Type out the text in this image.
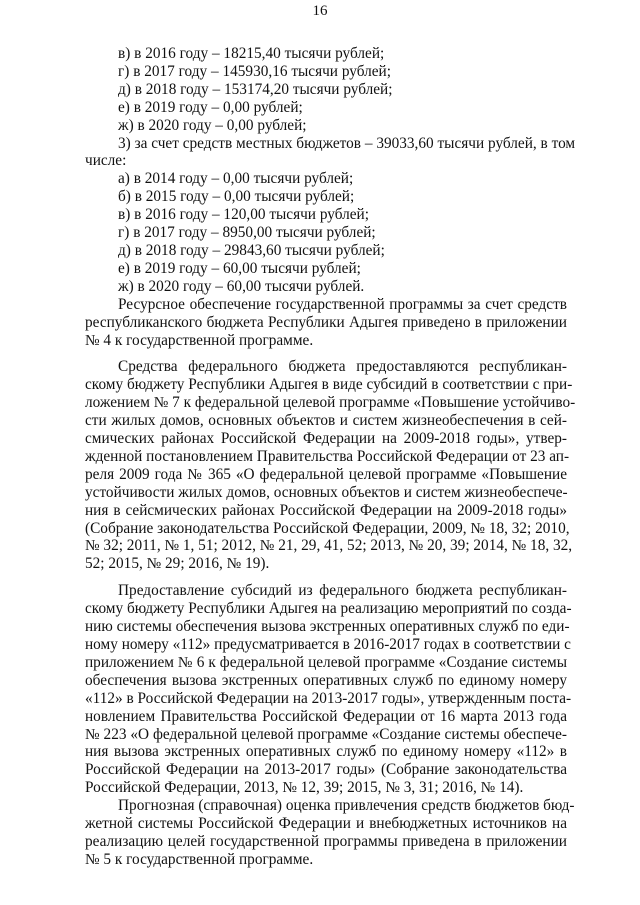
16
в) в 2016 году – 18215,40 тысячи рублей;
г) в 2017 году – 145930,16 тысячи рублей;
д) в 2018 году – 153174,20 тысячи рублей;
е) в 2019 году – 0,00 рублей;
ж) в 2020 году – 0,00 рублей;
3) за счет средств местных бюджетов – 39033,60 тысячи рублей, в том
числе:
а) в 2014 году – 0,00 тысячи рублей;
б) в 2015 году – 0,00 тысячи рублей;
в) в 2016 году – 120,00 тысячи рублей;
г) в 2017 году – 8950,00 тысячи рублей;
д) в 2018 году – 29843,60 тысячи рублей;
е) в 2019 году – 60,00 тысячи рублей;
ж) в 2020 году – 60,00 тысячи рублей.
Ресурсное обеспечение государственной программы за счет средств
республиканского бюджета Республики Адыгея приведено в приложении
№ 4 к государственной программе.
Средства федерального бюджета предоставляются республикан-
скому бюджету Республики Адыгея в виде субсидий в соответствии с при-
ложением № 7 к федеральной целевой программе «Повышение устойчиво-
сти жилых домов, основных объектов и систем жизнеобеспечения в сей-
смических районах Российской Федерации на 2009-2018 годы», утвер-
жденной постановлением Правительства Российской Федерации от 23 ап-
реля 2009 года № 365 «О федеральной целевой программе «Повышение
устойчивости жилых домов, основных объектов и систем жизнеобеспече-
ния в сейсмических районах Российской Федерации на 2009-2018 годы»
(Собрание законодательства Российской Федерации, 2009, № 18, 32; 2010,
№ 32; 2011, № 1, 51; 2012, № 21, 29, 41, 52; 2013, № 20, 39; 2014, № 18, 32,
52; 2015, № 29; 2016, № 19).
Предоставление субсидий из федерального бюджета республикан-
скому бюджету Республики Адыгея на реализацию мероприятий по созда-
нию системы обеспечения вызова экстренных оперативных служб по еди-
ному номеру «112» предусматривается в 2016-2017 годах в соответствии с
приложением № 6 к федеральной целевой программе «Создание системы
обеспечения вызова экстренных оперативных служб по единому номеру
«112» в Российской Федерации на 2013-2017 годы», утвержденным поста-
новлением Правительства Российской Федерации от 16 марта 2013 года
№ 223 «О федеральной целевой программе «Создание системы обеспече-
ния вызова экстренных оперативных служб по единому номеру «112» в
Российской Федерации на 2013-2017 годы» (Собрание законодательства
Российской Федерации, 2013, № 12, 39; 2015, № 3, 31; 2016, № 14).
Прогнозная (справочная) оценка привлечения средств бюджетов бюд-
жетной системы Российской Федерации и внебюджетных источников на
реализацию целей государственной программы приведена в приложении
№ 5 к государственной программе.
